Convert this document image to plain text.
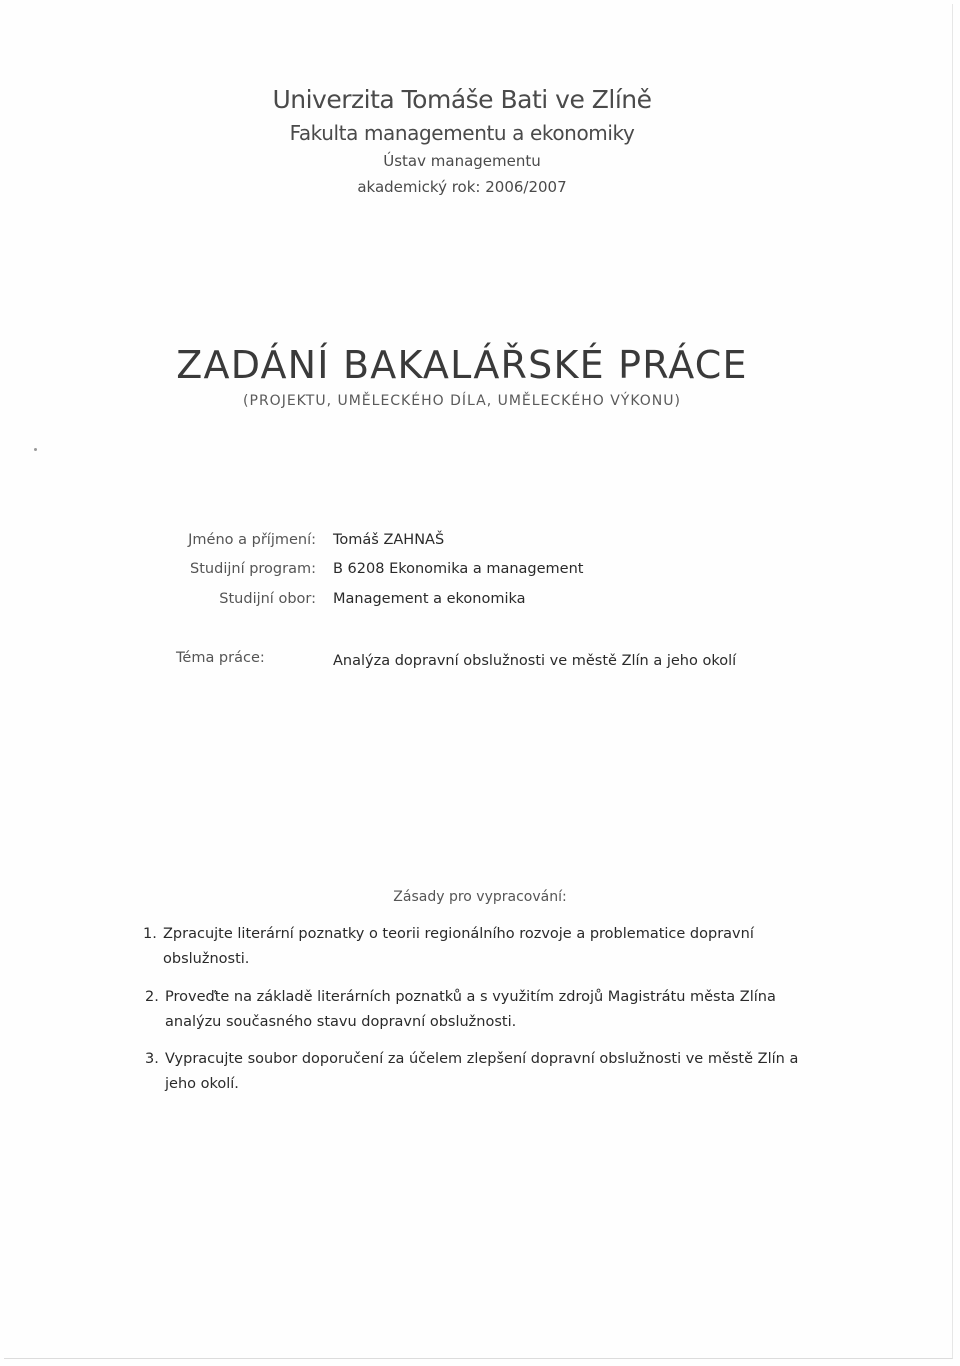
Univerzita Tomáše Bati ve Zlíně
Fakulta managementu a ekonomiky
Ústav managementu
akademický rok: 2006/2007
ZADÁNÍ BAKALÁŘSKÉ PRÁCE
(PROJEKTU, UMĚLECKÉHO DÍLA, UMĚLECKÉHO VÝKONU)
Jméno a příjmení: Tomáš ZAHNAŠ
Studijní program: B 6208 Ekonomika a management
Studijní obor: Management a ekonomika
Téma práce:	Analýza dopravní obslužnosti ve městě Zlín a jeho okolí
Zásady pro vypracování:
1. Zpracujte literární poznatky o teorii regionálního rozvoje a problematice dopravní obslužnosti.
2. Proveďte na základě literárních poznatků a s využitím zdrojů Magistrátu města Zlína analýzu současného stavu dopravní obslužnosti.
3. Vypracujte soubor doporučení za účelem zlepšení dopravní obslužnosti ve městě Zlín a jeho okolí.
